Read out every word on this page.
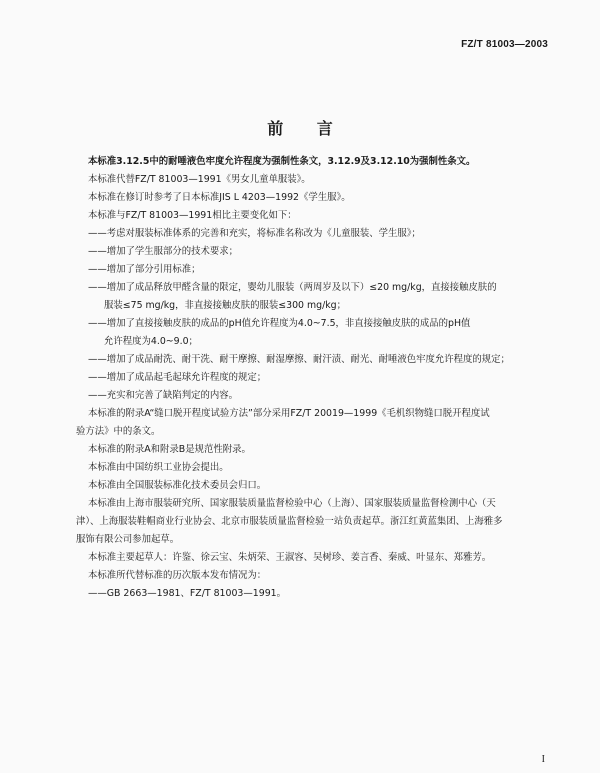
FZ/T 81003—2003
前 言

本标准3.12.5中的耐唾液色牢度允许程度为强制性条文，3.12.9及3.12.10为强制性条文。

本标准代替FZ/T 81003—1991《男女儿童单服装》。

本标准在修订时参考了日本标准JIS L 4203—1992《学生服》。

本标准与FZ/T 81003—1991相比主要变化如下：

——考虑对服装标准体系的完善和充实，将标准名称改为《儿童服装、学生服》；

——增加了学生服部分的技术要求；

——增加了部分引用标准；

——增加了成品释放甲醛含量的限定，婴幼儿服装（两周岁及以下）≤20 mg/kg，直接接触皮肤的

服装≤75 mg/kg，非直接接触皮肤的服装≤300 mg/kg；

——增加了直接接触皮肤的成品的pH值允许程度为4.0~7.5，非直接接触皮肤的成品的pH值

允许程度为4.0~9.0；

——增加了成品耐洗、耐干洗、耐干摩擦、耐湿摩擦、耐汗渍、耐光、耐唾液色牢度允许程度的规定；

——增加了成品起毛起球允许程度的规定；

——充实和完善了缺陷判定的内容。

本标准的附录A“缝口脱开程度试验方法”部分采用FZ/T 20019—1999《毛机织物缝口脱开程度试

验方法》中的条文。

本标准的附录A和附录B是规范性附录。

本标准由中国纺织工业协会提出。

本标准由全国服装标准化技术委员会归口。

本标准由上海市服装研究所、国家服装质量监督检验中心（上海）、国家服装质量监督检测中心（天

津）、上海服装鞋帽商业行业协会、北京市服装质量监督检验一站负责起草。浙江红黄蓝集团、上海雅多

服饰有限公司参加起草。

本标准主要起草人：许鉴、徐云宝、朱炳荣、王淑容、吴树珍、姜言香、秦威、叶显东、郑雅芳。

本标准所代替标准的历次版本发布情况为：

——GB 2663—1981、FZ/T 81003—1991。

I
